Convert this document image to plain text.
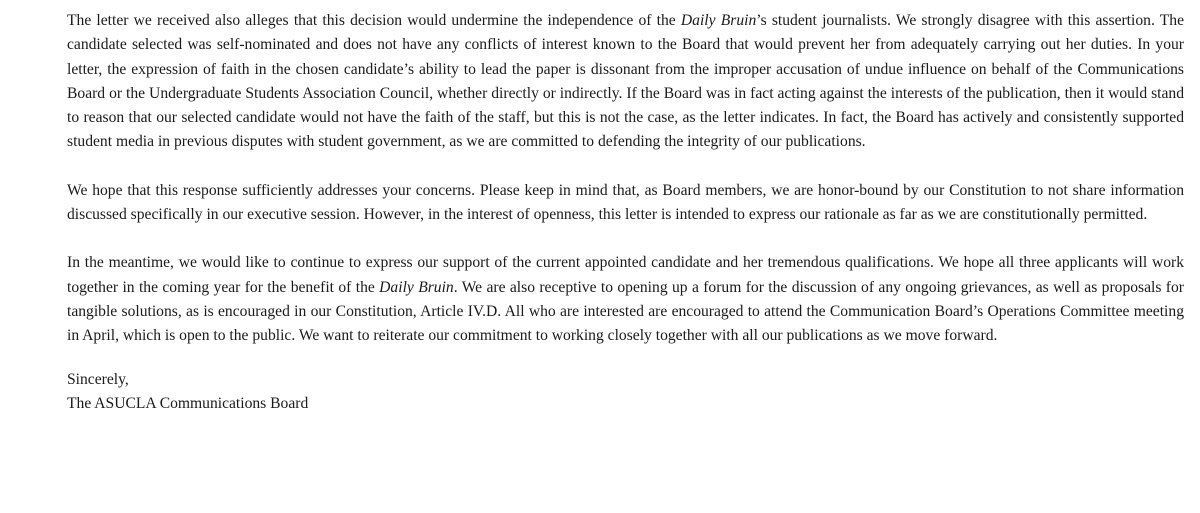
The letter we received also alleges that this decision would undermine the independence of the Daily Bruin’s student journalists. We strongly disagree with this assertion. The candidate selected was self-nominated and does not have any conflicts of interest known to the Board that would prevent her from adequately carrying out her duties. In your letter, the expression of faith in the chosen candidate’s ability to lead the paper is dissonant from the improper accusation of undue influence on behalf of the Communications Board or the Undergraduate Students Association Council, whether directly or indirectly. If the Board was in fact acting against the interests of the publication, then it would stand to reason that our selected candidate would not have the faith of the staff, but this is not the case, as the letter indicates. In fact, the Board has actively and consistently supported student media in previous disputes with student government, as we are committed to defending the integrity of our publications.

We hope that this response sufficiently addresses your concerns. Please keep in mind that, as Board members, we are honor-bound by our Constitution to not share information discussed specifically in our executive session. However, in the interest of openness, this letter is intended to express our rationale as far as we are constitutionally permitted.

In the meantime, we would like to continue to express our support of the current appointed candidate and her tremendous qualifications. We hope all three applicants will work together in the coming year for the benefit of the Daily Bruin. We are also receptive to opening up a forum for the discussion of any ongoing grievances, as well as proposals for tangible solutions, as is encouraged in our Constitution, Article IV.D. All who are interested are encouraged to attend the Communication Board’s Operations Committee meeting in April, which is open to the public. We want to reiterate our commitment to working closely together with all our publications as we move forward.

Sincerely,

The ASUCLA Communications Board
